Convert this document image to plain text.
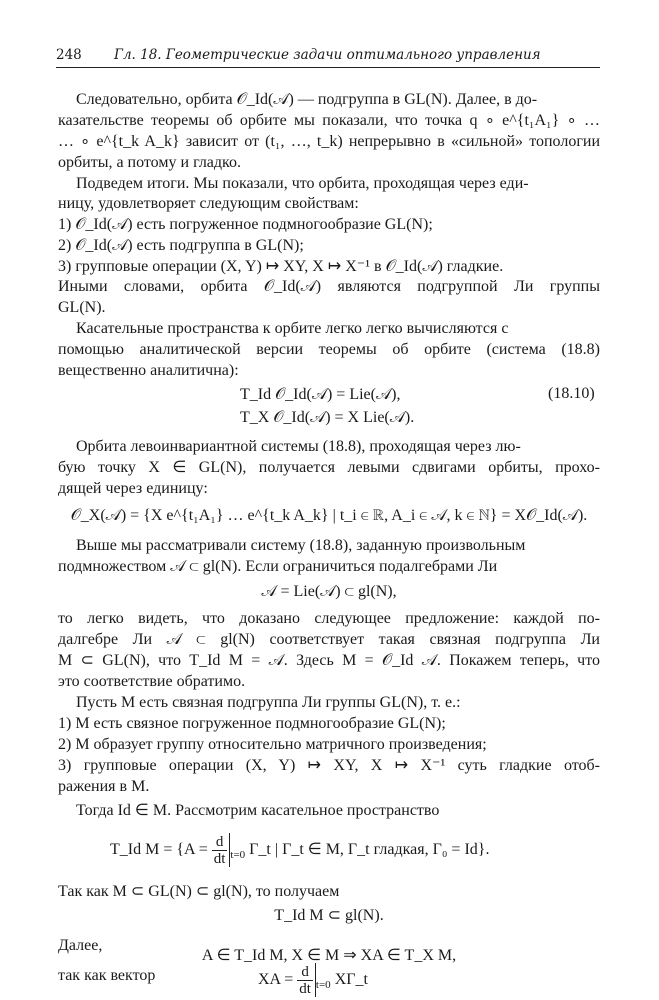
248 Гл. 18. Геометрические задачи оптимального управления
Следовательно, орбита 𝒪_Id(𝒜) — подгруппа в GL(N). Далее, в до-
казательстве теоремы об орбите мы показали, что точка q ∘ e^{t₁A₁} ∘ …
… ∘ e^{t_k A_k} зависит от (t₁, …, t_k) непрерывно в «сильной» топологии
орбиты, а потому и гладко.
Подведем итоги. Мы показали, что орбита, проходящая через еди-
ницу, удовлетворяет следующим свойствам:
1) 𝒪_Id(𝒜) есть погруженное подмногообразие GL(N);
2) 𝒪_Id(𝒜) есть подгруппа в GL(N);
3) групповые операции (X, Y) ↦ XY, X ↦ X⁻¹ в 𝒪_Id(𝒜) гладкие.
Иными словами, орбита 𝒪_Id(𝒜) являются подгруппой Ли группы
GL(N).
Касательные пространства к орбите легко легко вычисляются с
помощью аналитической версии теоремы об орбите (система (18.8)
вещественно аналитична):
T_Id 𝒪_Id(𝒜) = Lie(𝒜),	(18.10)
T_X 𝒪_Id(𝒜) = X Lie(𝒜).
Орбита левоинвариантной системы (18.8), проходящая через лю-
бую точку X ∈ GL(N), получается левыми сдвигами орбиты, прохо-
дящей через единицу:
𝒪_X(𝒜) = {X e^{t₁A₁} … e^{t_k A_k} | t_i ∈ ℝ, A_i ∈ 𝒜, k ∈ ℕ} = X𝒪_Id(𝒜).
Выше мы рассматривали систему (18.8), заданную произвольным
подмножеством 𝒜 ⊂ gl(N). Если ограничиться подалгебрами Ли
𝒜 = Lie(𝒜) ⊂ gl(N),
то легко видеть, что доказано следующее предложение: каждой по-
далгебре Ли 𝒜 ⊂ gl(N) соответствует такая связная подгруппа Ли
M ⊂ GL(N), что T_Id M = 𝒜. Здесь M = 𝒪_Id 𝒜. Покажем теперь, что
это соответствие обратимо.
Пусть M есть связная подгруппа Ли группы GL(N), т. е.:
1) M есть связное погруженное подмногообразие GL(N);
2) M образует группу относительно матричного произведения;
3) групповые операции (X, Y) ↦ XY, X ↦ X⁻¹ суть гладкие отоб-
ражения в M.
Тогда Id ∈ M. Рассмотрим касательное пространство
T_Id $M = \{A = \frac{d}{dt} _{t=0}$ Γ_t | Γ_t ∈ M, Γ_t гладкая, Γ₀ = Id}.
Так как M ⊂ GL(N) ⊂ gl(N), то получаем
T_Id M ⊂ gl(N).
Далее,
A ∈ T_Id M, X ∈ M ⇒ XA ∈ T_X M,
так как вектор	XA = $\frac{d}{dt} _{t=0}$ XΓ_t
